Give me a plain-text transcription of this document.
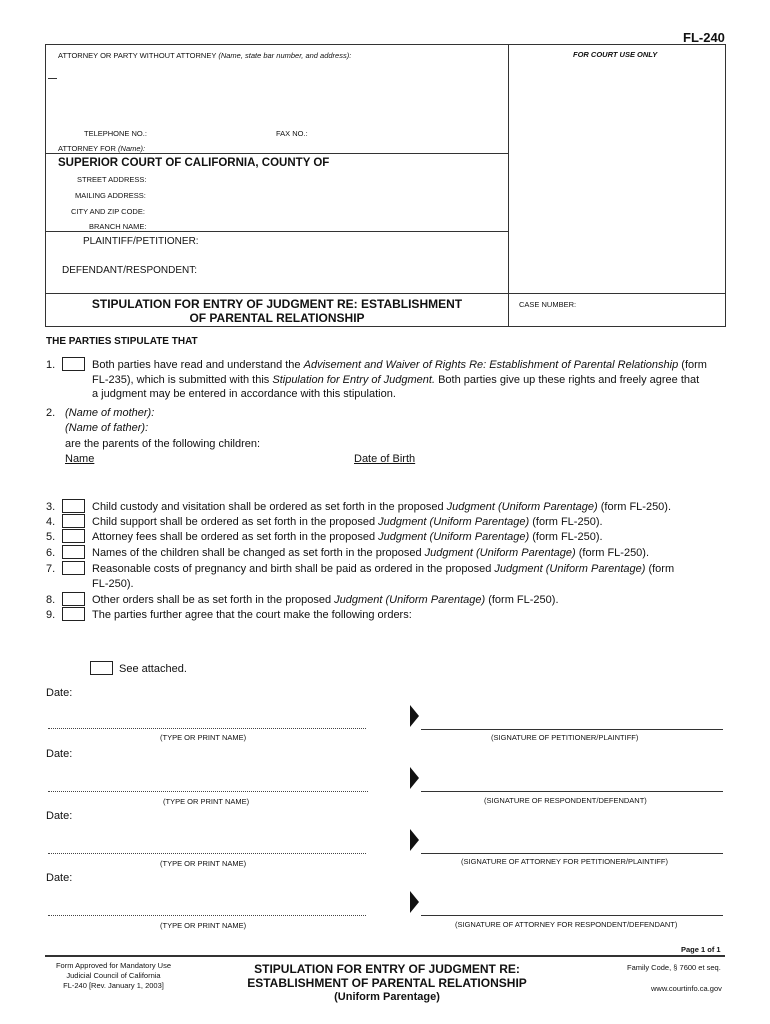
FL-240
ATTORNEY OR PARTY WITHOUT ATTORNEY (Name, state bar number, and address):	FOR COURT USE ONLY
TELEPHONE NO.:	FAX NO.:
ATTORNEY FOR (Name):
SUPERIOR COURT OF CALIFORNIA, COUNTY OF
STREET ADDRESS:
MAILING ADDRESS:
CITY AND ZIP CODE:
BRANCH NAME:
PLAINTIFF/PETITIONER:
DEFENDANT/RESPONDENT:
STIPULATION FOR ENTRY OF JUDGMENT RE: ESTABLISHMENT
OF PARENTAL RELATIONSHIP
CASE NUMBER:
THE PARTIES STIPULATE THAT
1.	Both parties have read and understand the Advisement and Waiver of Rights Re: Establishment of Parental Relationship (form
FL-235), which is submitted with this Stipulation for Entry of Judgment. Both parties give up these rights and freely agree that
a judgment may be entered in accordance with this stipulation.
2. (Name of mother):
(Name of father):
are the parents of the following children:
Name	Date of Birth
3.	Child custody and visitation shall be ordered as set forth in the proposed Judgment (Uniform Parentage) (form FL-250).
4.	Child support shall be ordered as set forth in the proposed Judgment (Uniform Parentage) (form FL-250).
5.	Attorney fees shall be ordered as set forth in the proposed Judgment (Uniform Parentage) (form FL-250).
6.	Names of the children shall be changed as set forth in the proposed Judgment (Uniform Parentage) (form FL-250).
7.	Reasonable costs of pregnancy and birth shall be paid as ordered in the proposed Judgment (Uniform Parentage) (form
FL-250).
8.	Other orders shall be as set forth in the proposed Judgment (Uniform Parentage) (form FL-250).
9.	The parties further agree that the court make the following orders:
See attached.
Date:
(TYPE OR PRINT NAME)	(SIGNATURE OF PETITIONER/PLAINTIFF)
Date:
(TYPE OR PRINT NAME)	(SIGNATURE OF RESPONDENT/DEFENDANT)
Date:
(TYPE OR PRINT NAME)	(SIGNATURE OF ATTORNEY FOR PETITIONER/PLAINTIFF)
Date:
(TYPE OR PRINT NAME)	(SIGNATURE OF ATTORNEY FOR RESPONDENT/DEFENDANT)
Page 1 of 1
Form Approved for Mandatory Use
Judicial Council of California
FL-240 [Rev. January 1, 2003]
STIPULATION FOR ENTRY OF JUDGMENT RE:
ESTABLISHMENT OF PARENTAL RELATIONSHIP
(Uniform Parentage)
Family Code, § 7600 et seq.
www.courtinfo.ca.gov
